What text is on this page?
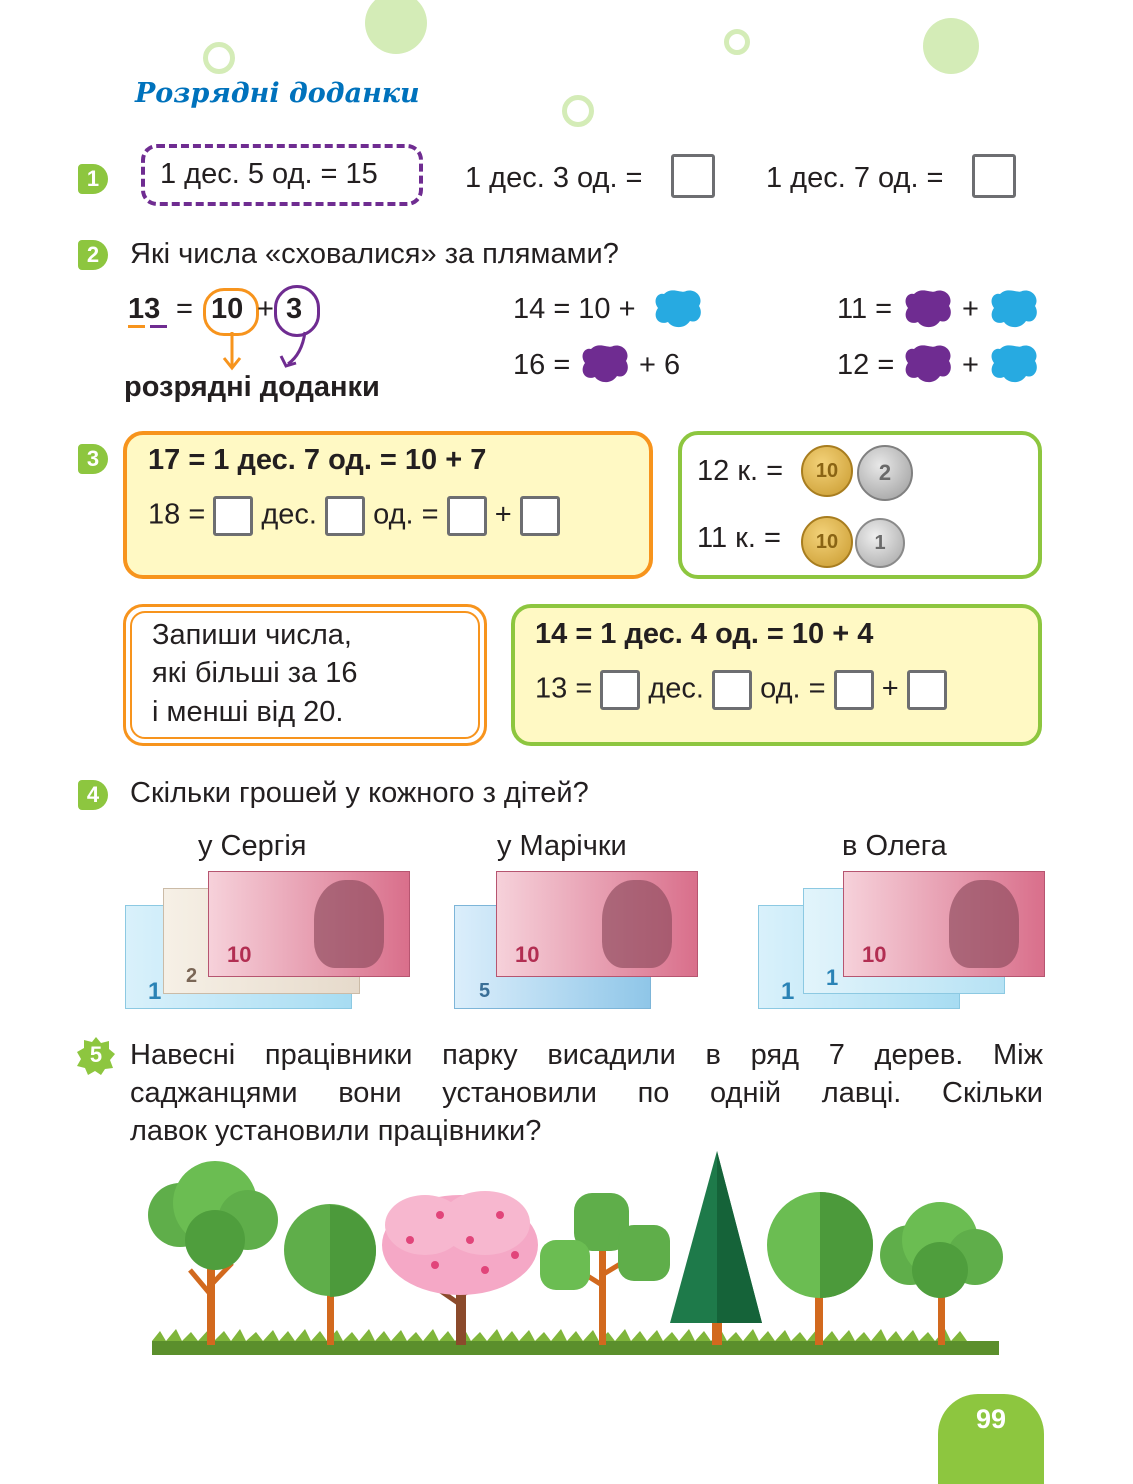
Розрядні доданки
1	1 дес. 5 од. = 15	1 дес. 3 од. =	1 дес. 7 од. =
2	Які числа «сховалися» за плямами?
13 = 10 + 3
розрядні доданки
14 = 10 +
16 = + 6
11 = +
12 = +
3	17 = 1 дес. 7 од. = 10 + 7
18 = дес. од. = +
12 к. =	10	2
11 к. =	10	1
Запиши числа,
які більші за 16
і менші від 20.
14 = 1 дес. 4 од. = 10 + 4
13 = дес. од. = +
4	Скільки грошей у кожного з дітей?
у Сергія	у Марічки	в Олега
1
2
10
5
10
1
1
10
5 Навесні працівники парку висадили в ряд 7 дерев. Між
саджанцями вони установили по одній лавці. Скільки
лавок установили працівники?
99
